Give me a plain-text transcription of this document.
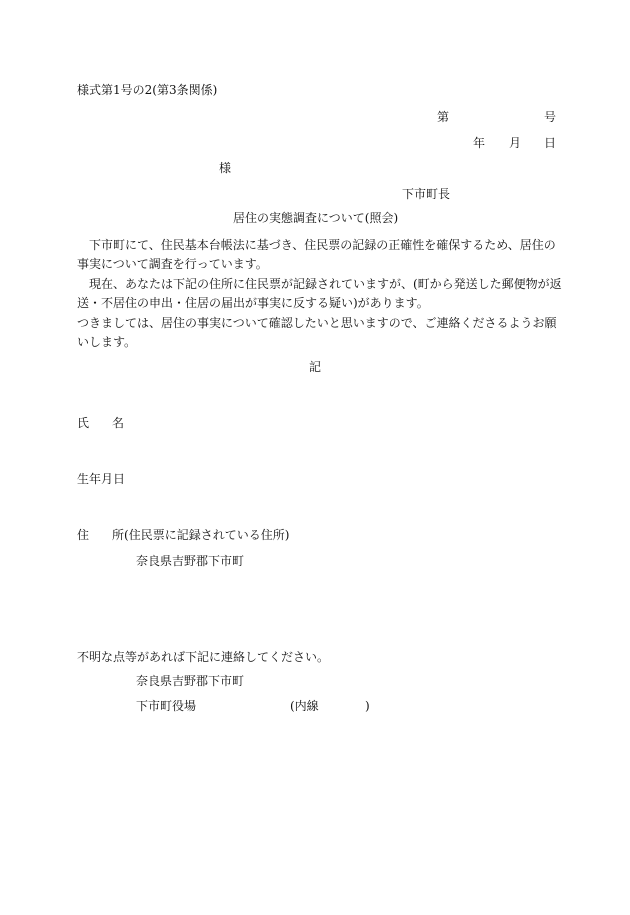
様式第1号の2(第3条関係)
第	号
年 月 日
様
下市町長
居住の実態調査について(照会)
下市町にて、住民基本台帳法に基づき、住民票の記録の正確性を確保するため、居住の
事実について調査を行っています。
現在、あなたは下記の住所に住民票が記録されていますが、(町から発送した郵便物が返
送・不居住の申出・住居の届出が事実に反する疑い)があります。
つきましては、居住の事実について確認したいと思いますので、ご連絡くださるようお願
いします。
記
氏 名
生年月日
住 所(住民票に記録されている住所)
奈良県吉野郡下市町
不明な点等があれば下記に連絡してください。
奈良県吉野郡下市町
下市町役場	(内線	)
